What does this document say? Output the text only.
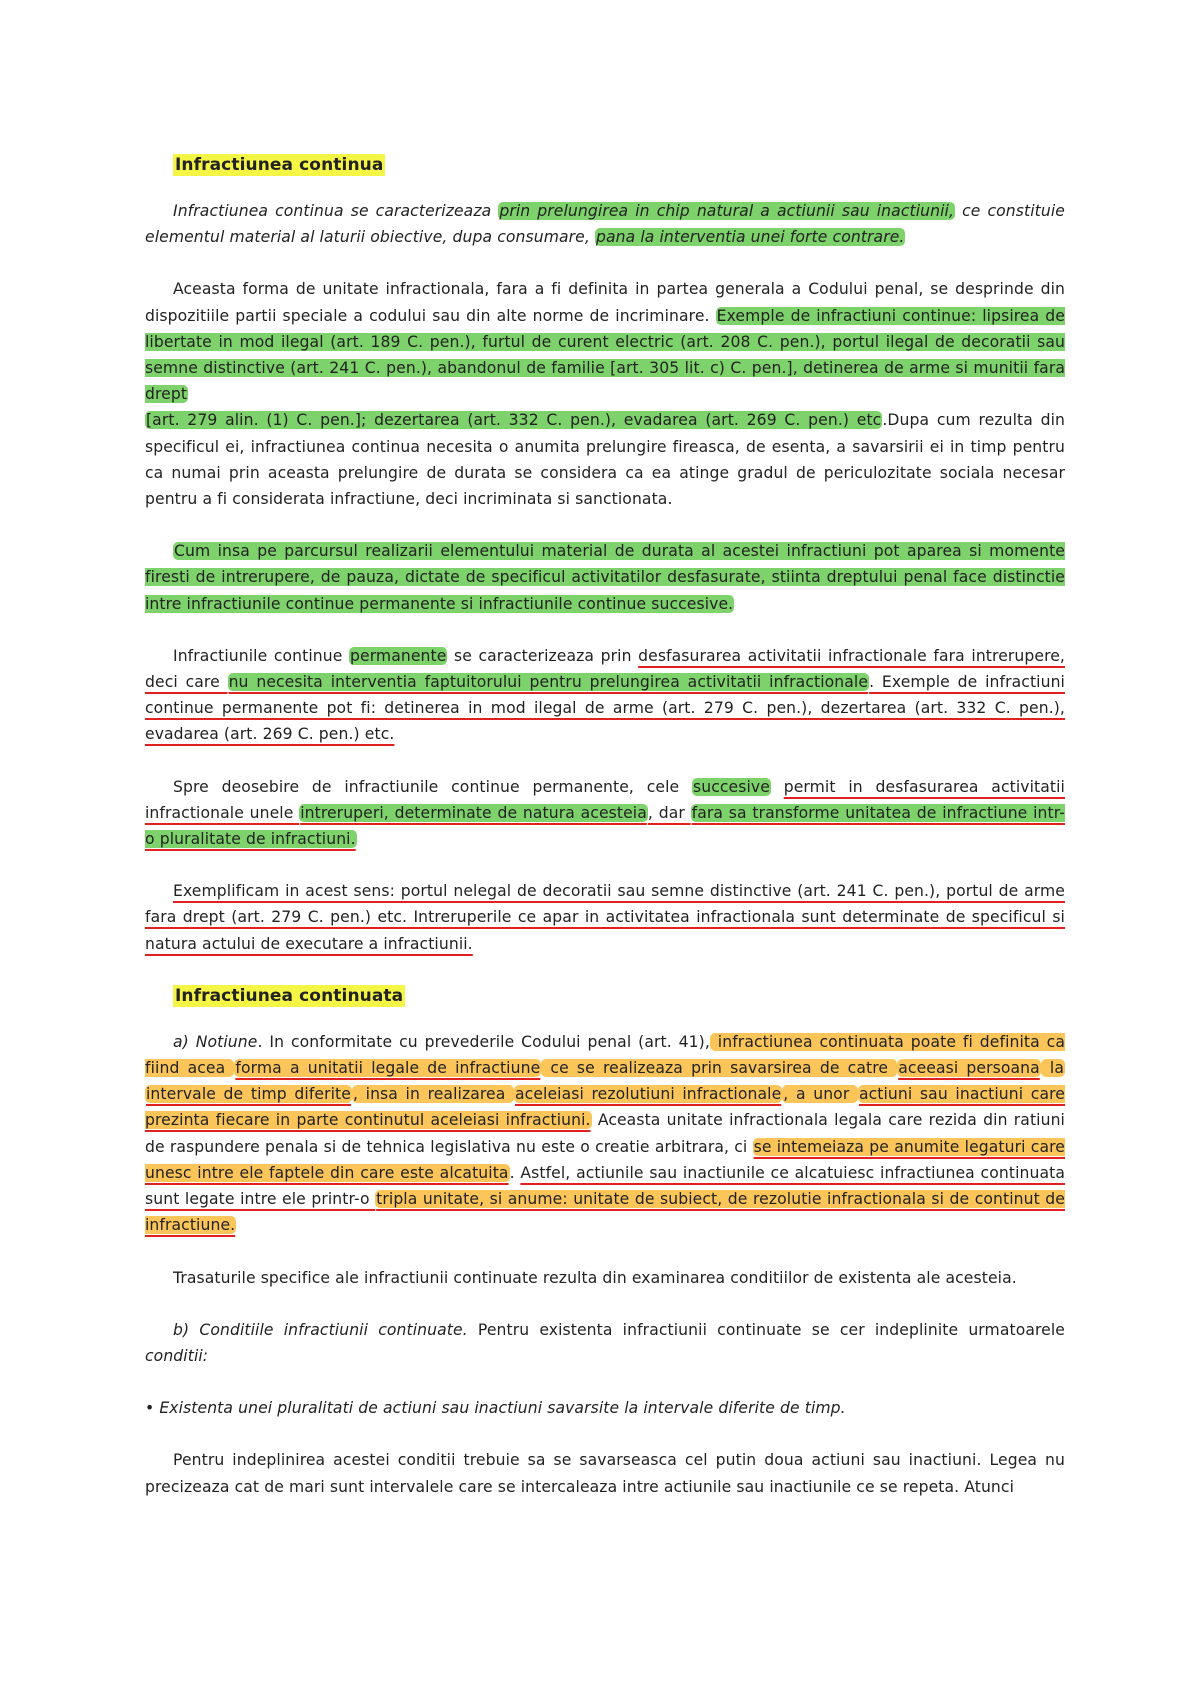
Infractiunea continua

Infractiunea continua se caracterizeaza prin prelungirea in chip natural a actiunii sau inactiunii, ce constituie elementul material al laturii obiective, dupa consumare, pana la interventia unei forte contrare.

Aceasta forma de unitate infractionala, fara a fi definita in partea generala a Codului penal, se desprinde din dispozitiile partii speciale a codului sau din alte norme de incriminare. Exemple de infractiuni continue: lipsirea de libertate in mod ilegal (art. 189 C. pen.), furtul de curent electric (art. 208 C. pen.), portul ilegal de decoratii sau semne distinctive (art. 241 C. pen.), abandonul de familie [art. 305 lit. c) C. pen.], detinerea de arme si munitii fara drept
[art. 279 alin. (1) C. pen.]; dezertarea (art. 332 C. pen.), evadarea (art. 269 C. pen.) etc.Dupa cum rezulta din specificul ei, infractiunea continua necesita o anumita prelungire fireasca, de esenta, a savarsirii ei in timp pentru ca numai prin aceasta prelungire de durata se considera ca ea atinge gradul de periculozitate sociala necesar pentru a fi considerata infractiune, deci incriminata si sanctionata.

Cum insa pe parcursul realizarii elementului material de durata al acestei infractiuni pot aparea si momente firesti de intrerupere, de pauza, dictate de specificul activitatilor desfasurate, stiinta dreptului penal face distinctie intre infractiunile continue permanente si infractiunile continue succesive.

Infractiunile continue permanente se caracterizeaza prin desfasurarea activitatii infractionale fara intrerupere, deci care nu necesita interventia faptuitorului pentru prelungirea activitatii infractionale. Exemple de infractiuni continue permanente pot fi: detinerea in mod ilegal de arme (art. 279 C. pen.), dezertarea (art. 332 C. pen.), evadarea (art. 269 C. pen.) etc.

Spre deosebire de infractiunile continue permanente, cele succesive permit in desfasurarea activitatii infractionale unele intreruperi, determinate de natura acesteia, dar fara sa transforme unitatea de infractiune intr-o pluralitate de infractiuni.

Exemplificam in acest sens: portul nelegal de decoratii sau semne distinctive (art. 241 C. pen.), portul de arme fara drept (art. 279 C. pen.) etc. Intreruperile ce apar in activitatea infractionala sunt determinate de specificul si natura actului de executare a infractiunii.

Infractiunea continuata

a) Notiune. In conformitate cu prevederile Codului penal (art. 41), infractiunea continuata poate fi definita ca fiind acea forma a unitatii legale de infractiune ce se realizeaza prin savarsirea de catre aceeasi persoana la intervale de timp diferite , insa in realizarea aceleiasi rezolutiuni infractionale , a unor actiuni sau inactiuni care prezinta fiecare in parte continutul aceleiasi infractiuni. Aceasta unitate infractionala legala care rezida din ratiuni de raspundere penala si de tehnica legislativa nu este o creatie arbitrara, ci se intemeiaza pe anumite legaturi care unesc intre ele faptele din care este alcatuita. Astfel, actiunile sau inactiunile ce alcatuiesc infractiunea continuata sunt legate intre ele printr-o tripla unitate, si anume: unitate de subiect, de rezolutie infractionala si de continut de infractiune.

Trasaturile specifice ale infractiunii continuate rezulta din examinarea conditiilor de existenta ale acesteia.

b) Conditiile infractiunii continuate. Pentru existenta infractiunii continuate se cer indeplinite urmatoarele conditii:

• Existenta unei pluralitati de actiuni sau inactiuni savarsite la intervale diferite de timp.

Pentru indeplinirea acestei conditii trebuie sa se savarseasca cel putin doua actiuni sau inactiuni. Legea nu precizeaza cat de mari sunt intervalele care se intercaleaza intre actiunile sau inactiunile ce se repeta. Atunci
